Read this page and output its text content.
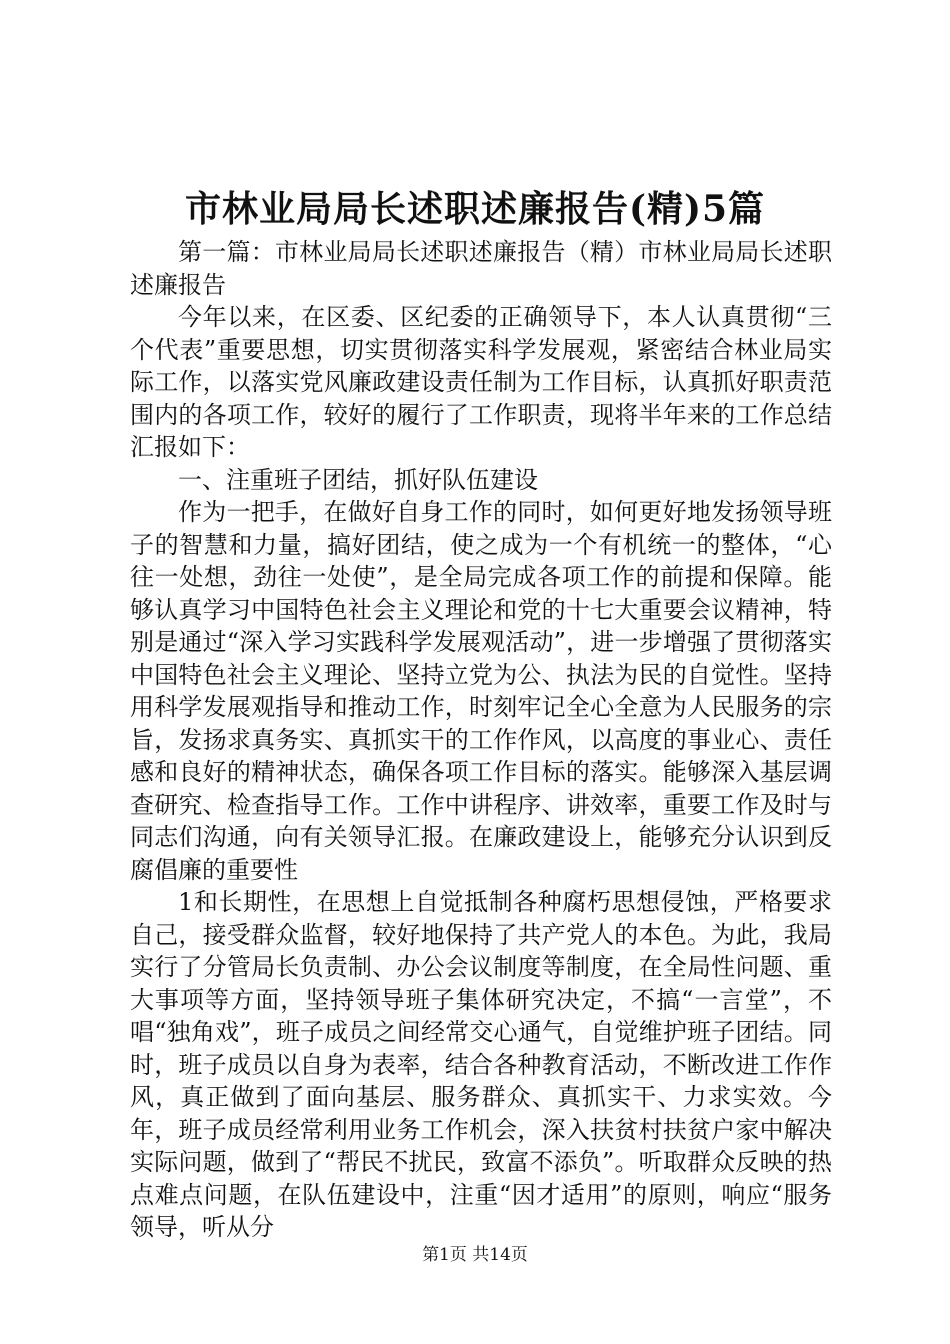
市林业局局长述职述廉报告(精)5篇

第一篇：市林业局局长述职述廉报告（精）市林业局局长述职述廉报告

今年以来，在区委、区纪委的正确领导下，本人认真贯彻“三个代表”重要思想，切实贯彻落实科学发展观，紧密结合林业局实际工作，以落实党风廉政建设责任制为工作目标，认真抓好职责范围内的各项工作，较好的履行了工作职责，现将半年来的工作总结汇报如下：

一、注重班子团结，抓好队伍建设

作为一把手，在做好自身工作的同时，如何更好地发扬领导班子的智慧和力量，搞好团结，使之成为一个有机统一的整体，“心往一处想，劲往一处使”，是全局完成各项工作的前提和保障。能够认真学习中国特色社会主义理论和党的十七大重要会议精神，特别是通过“深入学习实践科学发展观活动”，进一步增强了贯彻落实中国特色社会主义理论、坚持立党为公、执法为民的自觉性。坚持用科学发展观指导和推动工作，时刻牢记全心全意为人民服务的宗旨，发扬求真务实、真抓实干的工作作风，以高度的事业心、责任感和良好的精神状态，确保各项工作目标的落实。能够深入基层调查研究、检查指导工作。工作中讲程序、讲效率，重要工作及时与同志们沟通，向有关领导汇报。在廉政建设上，能够充分认识到反腐倡廉的重要性

1和长期性，在思想上自觉抵制各种腐朽思想侵蚀，严格要求自己，接受群众监督，较好地保持了共产党人的本色。为此，我局实行了分管局长负责制、办公会议制度等制度，在全局性问题、重大事项等方面，坚持领导班子集体研究决定，不搞“一言堂”，不唱“独角戏”，班子成员之间经常交心通气，自觉维护班子团结。同时，班子成员以自身为表率，结合各种教育活动，不断改进工作作风，真正做到了面向基层、服务群众、真抓实干、力求实效。今年，班子成员经常利用业务工作机会，深入扶贫村扶贫户家中解决实际问题，做到了“帮民不扰民，致富不添负”。听取群众反映的热点难点问题，在队伍建设中，注重“因才适用”的原则，响应“服务领导，听从分

第1页 共14页
